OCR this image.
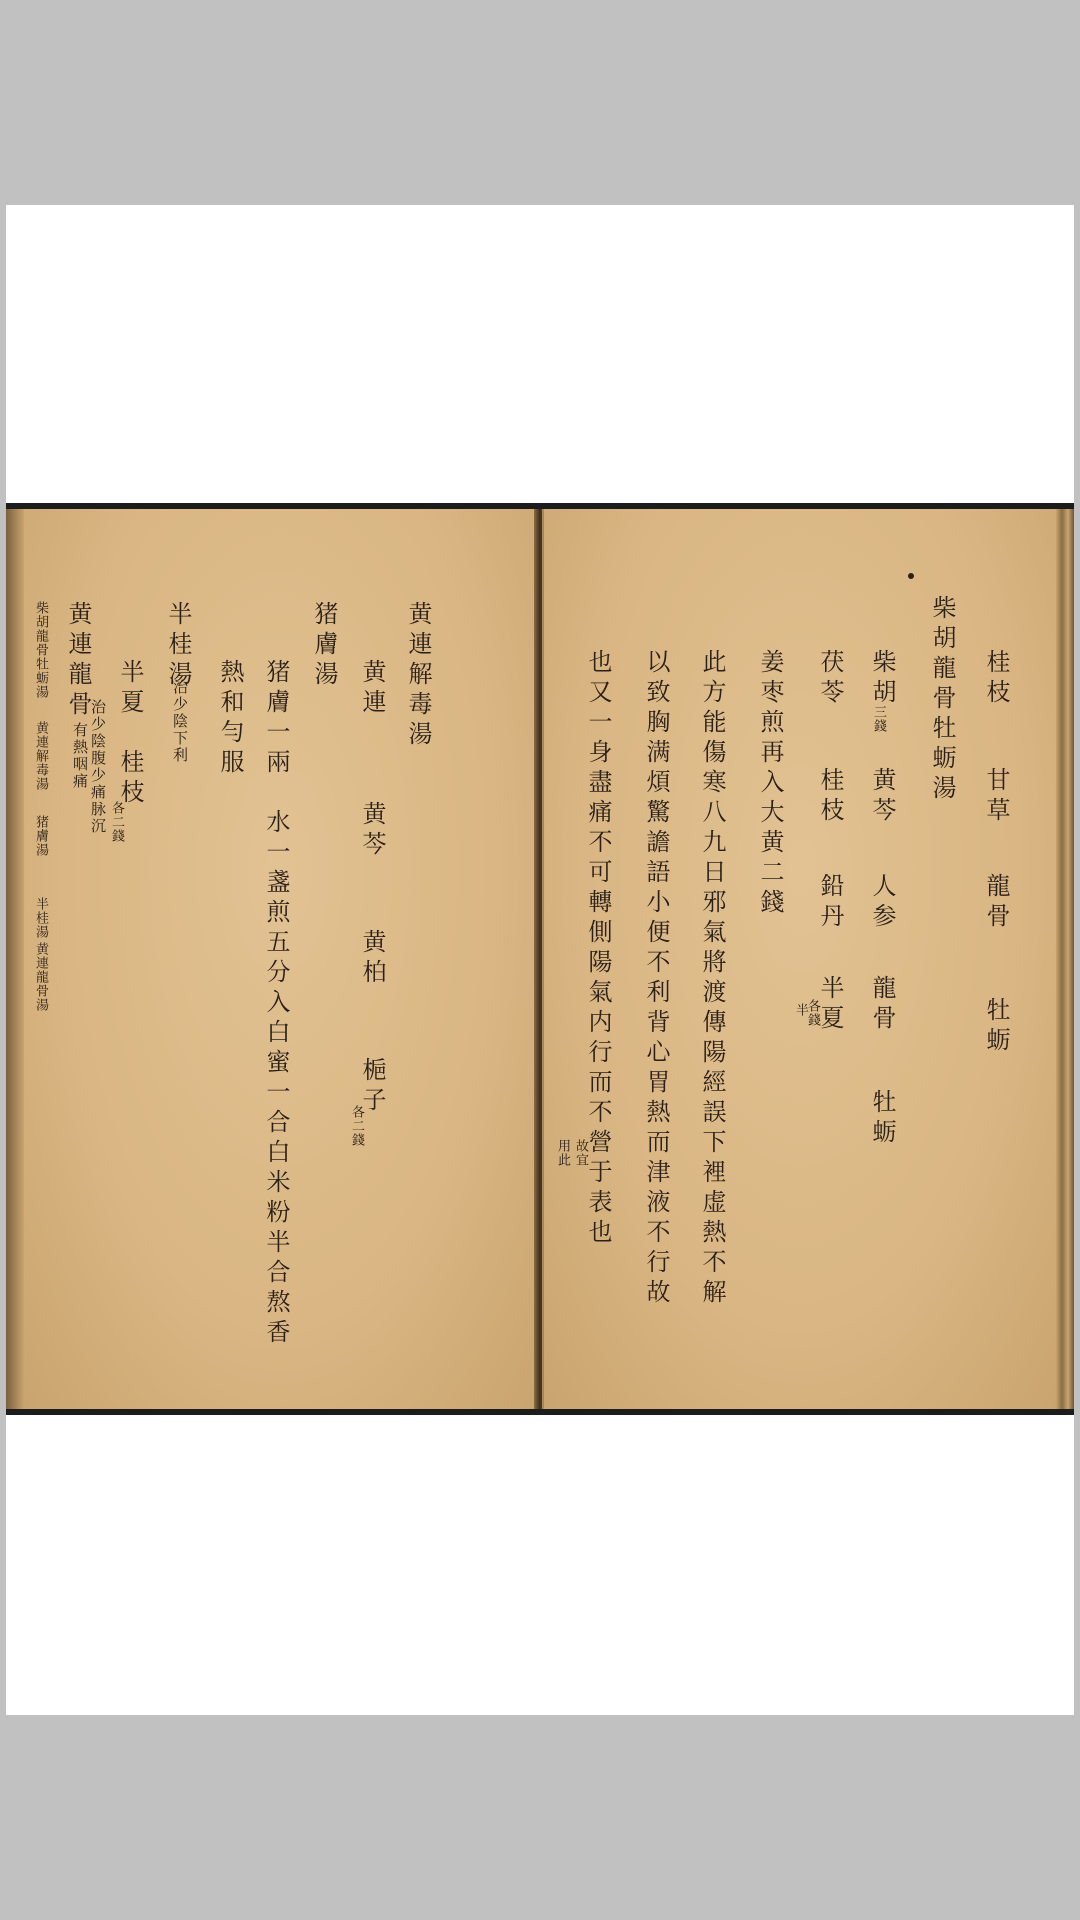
柴胡龍骨牡蛎湯
黄連解毒湯
猪膚湯
半桂湯
黄連龍骨湯
黄連龍骨
治少陰腹少痛脉沉
有熱咽痛
半夏
桂枝
各二錢
半桂湯
治少陰下利 熱和勻服 猪膚一兩　水一盞煎五分入白蜜一合白米粉半合熬香
猪膚湯 黄連
黄芩
黄柏
梔子
各二錢
黄連解毒湯	桂枝
甘草
龍骨
牡蛎
柴胡龍骨牡蛎湯
柴胡
三錢
黄芩
人参
龍骨
牡蛎
茯苓
桂枝
鉛丹
半夏
各錢
半
姜枣煎再入大黄二錢
此方能傷寒八九日邪氣將渡傳陽經誤下裡虚熱不解
以致胸满煩驚譫語小便不利背心胃熱而津液不行故
也又一身盡痛不可轉側陽氣内行而不營于表也
故宜
用此
